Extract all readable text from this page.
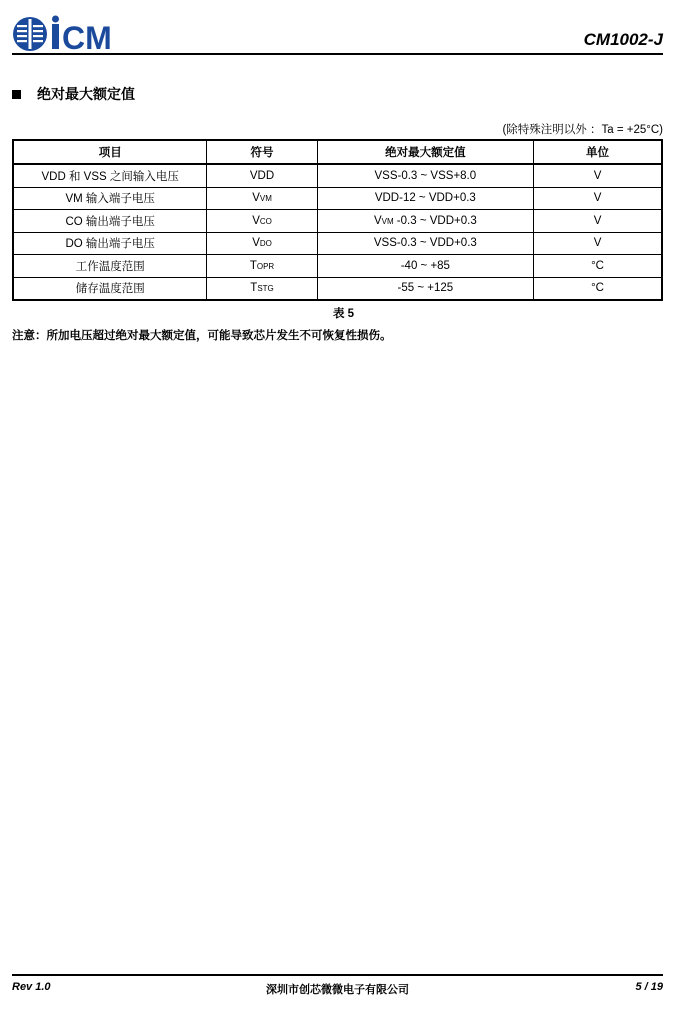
CM	CM1002-J
绝对最大额定值
(除特殊注明以外 ：Ta = +25°C)
项目	符号	绝对最大额定值	单位
VDD 和 VSS 之间输入电压	VDD	VSS-0.3 ~ VSS+8.0	V
VM 输入端子电压	VVM	VDD-12 ~ VDD+0.3	V
CO 输出端子电压	VCO	VVM -0.3 ~ VDD+0.3	V
DO 输出端子电压	VDO	VSS-0.3 ~ VDD+0.3	V
工作温度范围	TOPR	-40 ~ +85	°C
储存温度范围	TSTG	-55 ~ +125	°C
表 5
注意：所加电压超过绝对最大额定值，可能导致芯片发生不可恢复性损伤。
Rev 1.0	深圳市创芯微微电子有限公司	5 / 19
